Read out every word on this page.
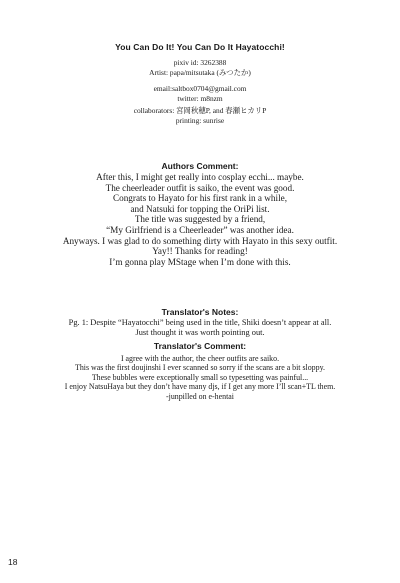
You Can Do It! You Can Do It Hayatocchi!
pixiv id: 3262388
Artist: papa/mitsutaka (みつたか)
email:saltbox0704@gmail.com
twitter: m8nzm
collaborators: 宮岡秋穂P, and 春瀬ヒカリP
printing: sunrise
Authors Comment:
After this, I might get really into cosplay ecchi... maybe.
The cheerleader outfit is saiko, the event was good.
Congrats to Hayato for his first rank in a while,
and Natsuki for topping the OriPi list.
The title was suggested by a friend,
“My Girlfriend is a Cheerleader” was another idea.
Anyways. I was glad to do something dirty with Hayato in this sexy outfit.
Yay!! Thanks for reading!
I’m gonna play MStage when I’m done with this.
Translator's Notes:
Pg. 1: Despite “Hayatocchi” being used in the title, Shiki doesn’t appear at all.
Just thought it was worth pointing out.
Translator's Comment:
I agree with the author, the cheer outfits are saiko.
This was the first doujinshi I ever scanned so sorry if the scans are a bit sloppy.
These bubbles were exceptionally small so typesetting was painful...
I enjoy NatsuHaya but they don’t have many djs, if I get any more I’ll scan+TL them.
-junpilled on e-hentai
18
